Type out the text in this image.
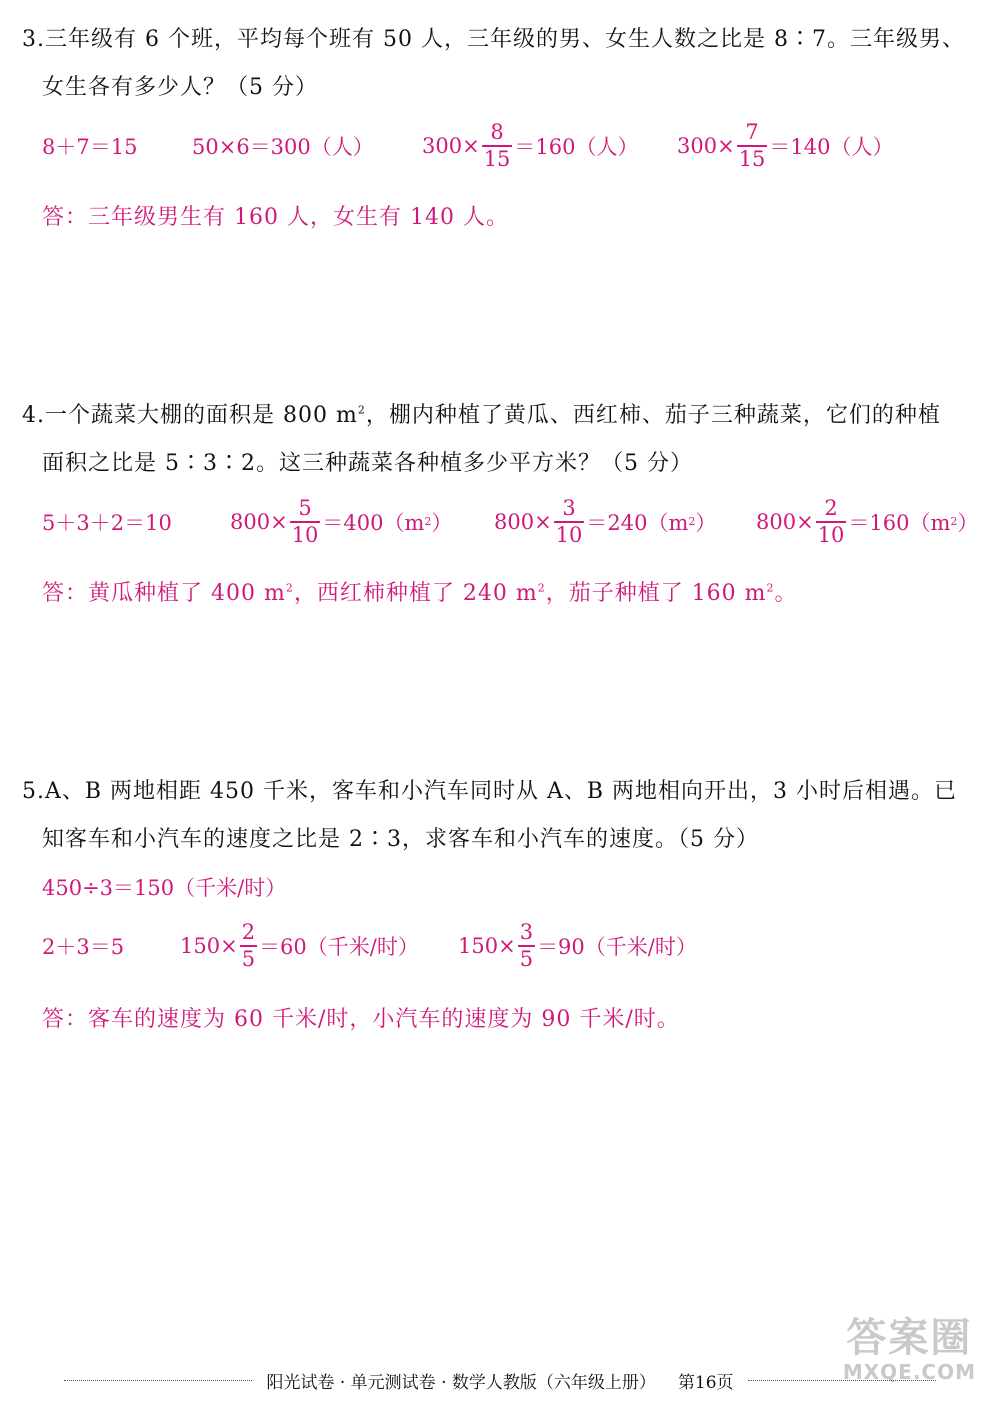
3.三年级有 6 个班，平均每个班有 50 人，三年级的男、女生人数之比是 8∶7。三年级男、
女生各有多少人？（5 分）
8＋7＝15	50×6＝300（人）	$300\times \frac{8}{15} =160$（人） $300\times \frac{7}{15} =140$（人）
答：三年级男生有 160 人，女生有 140 人。
4.一个蔬菜大棚的面积是 800 $m^2$，棚内种植了黄瓜、西红柿、茄子三种蔬菜，它们的种植
面积之比是 5∶3∶2。这三种蔬菜各种植多少平方米？（5 分）
5＋3＋2＝10	$800\times \frac{5}{10} =400(m$ 2 ） $800\times \frac{3}{10} =240(m$ 2 ） $800\times \frac{2}{10} =160(m$ 2 ）
答：黄瓜种植了 400 $m^2$，西红柿种植了 240 $m^2$，茄子种植了 160 $m^2$。
5.A、B 两地相距 450 千米，客车和小汽车同时从 A、B 两地相向开出，3 小时后相遇。已
知客车和小汽车的速度之比是 2∶3，求客车和小汽车的速度。（5 分）
450÷3＝150（千米/时）
2＋3＝5	$150\times \frac{2}{5} =60$（千米/时） $150\times \frac{3}{5} =90$（千米/时）
答：客车的速度为 60 千米/时，小汽车的速度为 90 千米/时。
答案圈
MXQE.COM
阳光试卷 · 单元测试卷 · 数学人教版（六年级上册） 第16页
